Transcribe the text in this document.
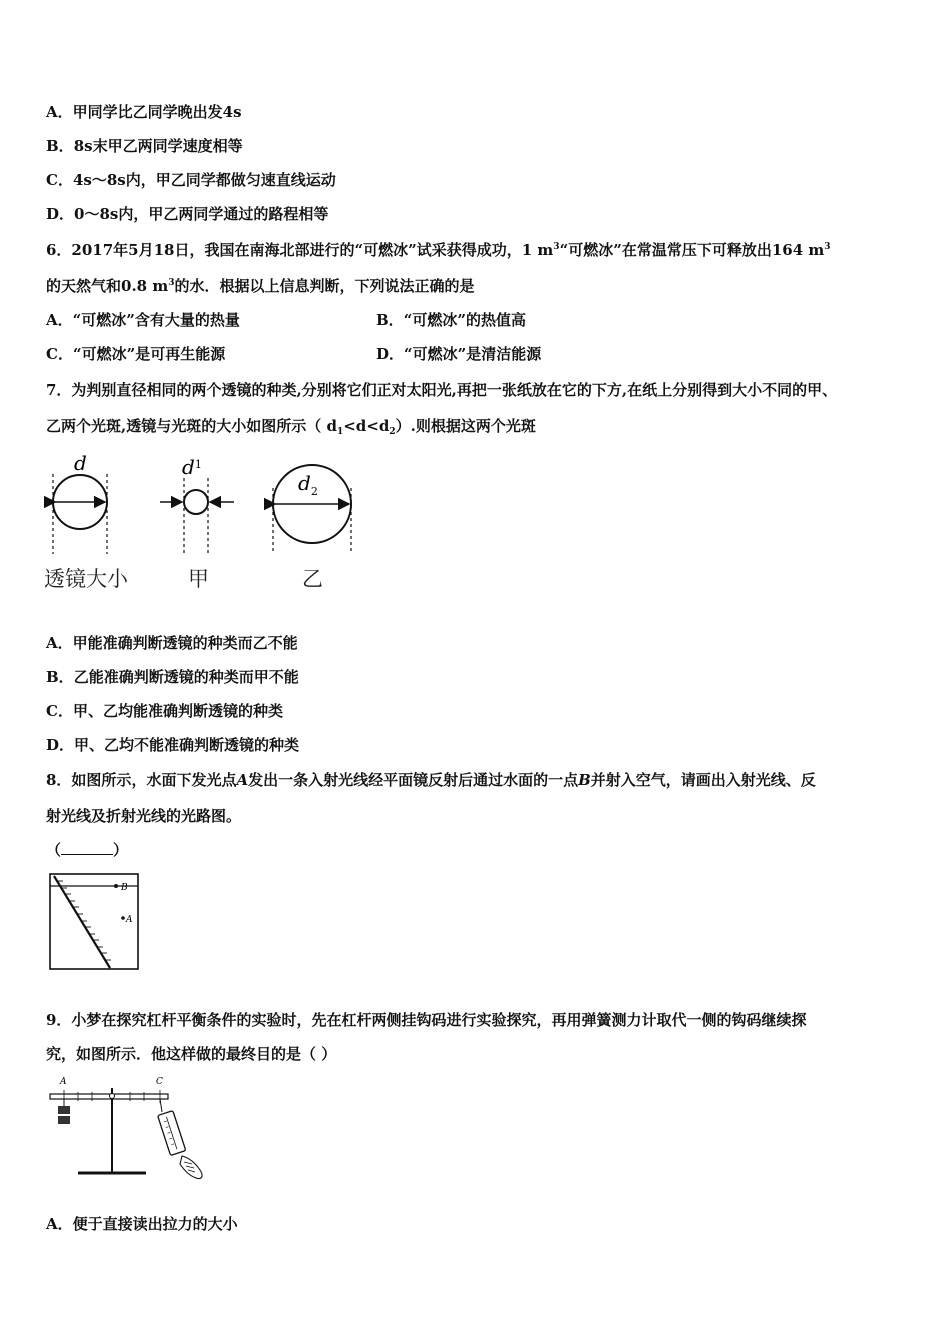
A．甲同学比乙同学晚出发4s
B．8s末甲乙两同学速度相等
C．4s～8s内，甲乙同学都做匀速直线运动
D．0～8s内，甲乙两同学通过的路程相等
6．2017年5月18日，我国在南海北部进行的“可燃冰”试采获得成功，1 $m^3“$可燃冰”在常温常压下可释放出164 $m^3$
的天然气和0.8 $m^3$的水．根据以上信息判断，下列说法正确的是
A．“可燃冰”含有大量的热量	B．“可燃冰”的热值高
C．“可燃冰”是可再生能源	D．“可燃冰”是清洁能源
7．为判别直径相同的两个透镜的种类,分别将它们正对太阳光,再把一张纸放在它的下方,在纸上分别得到大小不同的甲、
乙两个光斑,透镜与光斑的大小如图所示（ $d_1<d<d_2$）.则根据这两个光斑
d	$d^1$
$d_2$
透镜大小	甲	乙
A．甲能准确判断透镜的种类而乙不能
B．乙能准确判断透镜的种类而甲不能
C．甲、乙均能准确判断透镜的种类
D．甲、乙均不能准确判断透镜的种类
8．如图所示，水面下发光点A发出一条入射光线经平面镜反射后通过水面的一点B并射入空气，请画出入射光线、反
射光线及折射光线的光路图。
（	）
B
A
9．小梦在探究杠杆平衡条件的实验时，先在杠杆两侧挂钩码进行实验探究，再用弹簧测力计取代一侧的钩码继续探
究，如图所示．他这样做的最终目的是（ ）
A	C
A．便于直接读出拉力的大小
